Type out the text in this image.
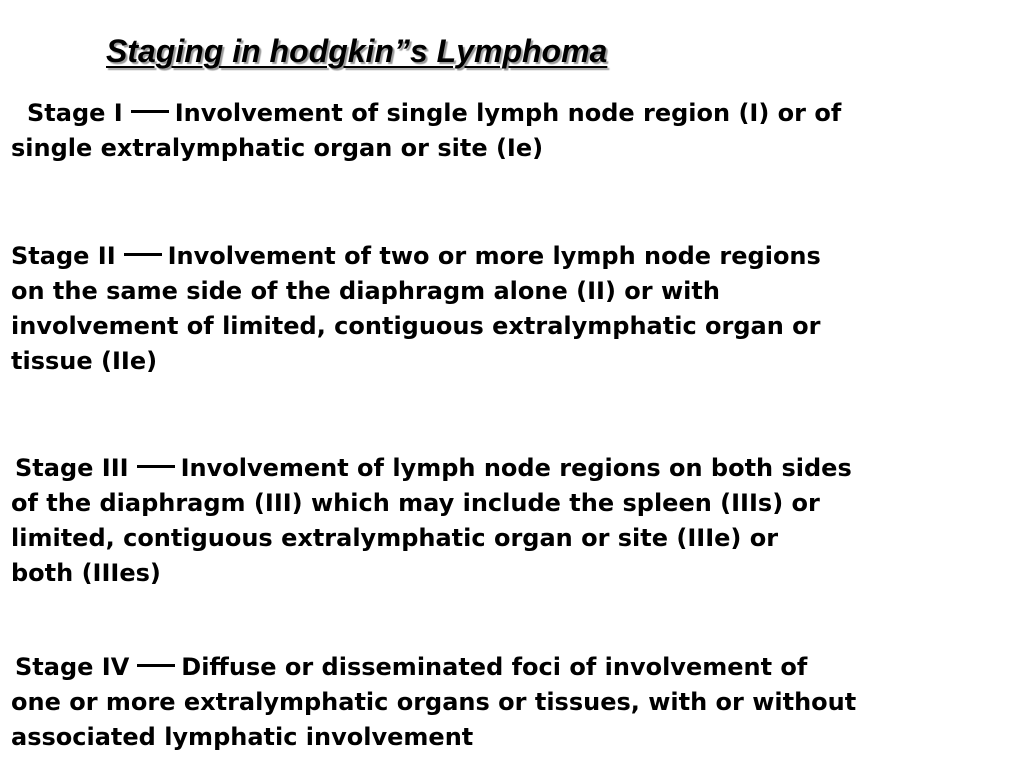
Staging in hodgkin”s Lymphoma

Stage I Involvement of single lymph node region (I) or of
single extralymphatic organ or site (Ie)

Stage II Involvement of two or more lymph node regions
on the same side of the diaphragm alone (II) or with
involvement of limited, contiguous extralymphatic organ or
tissue (IIe)

Stage III Involvement of lymph node regions on both sides
of the diaphragm (III) which may include the spleen (IIIs) or
limited, contiguous extralymphatic organ or site (IIIe) or
both (IIIes)

Stage IV Diffuse or disseminated foci of involvement of
one or more extralymphatic organs or tissues, with or without
associated lymphatic involvement
